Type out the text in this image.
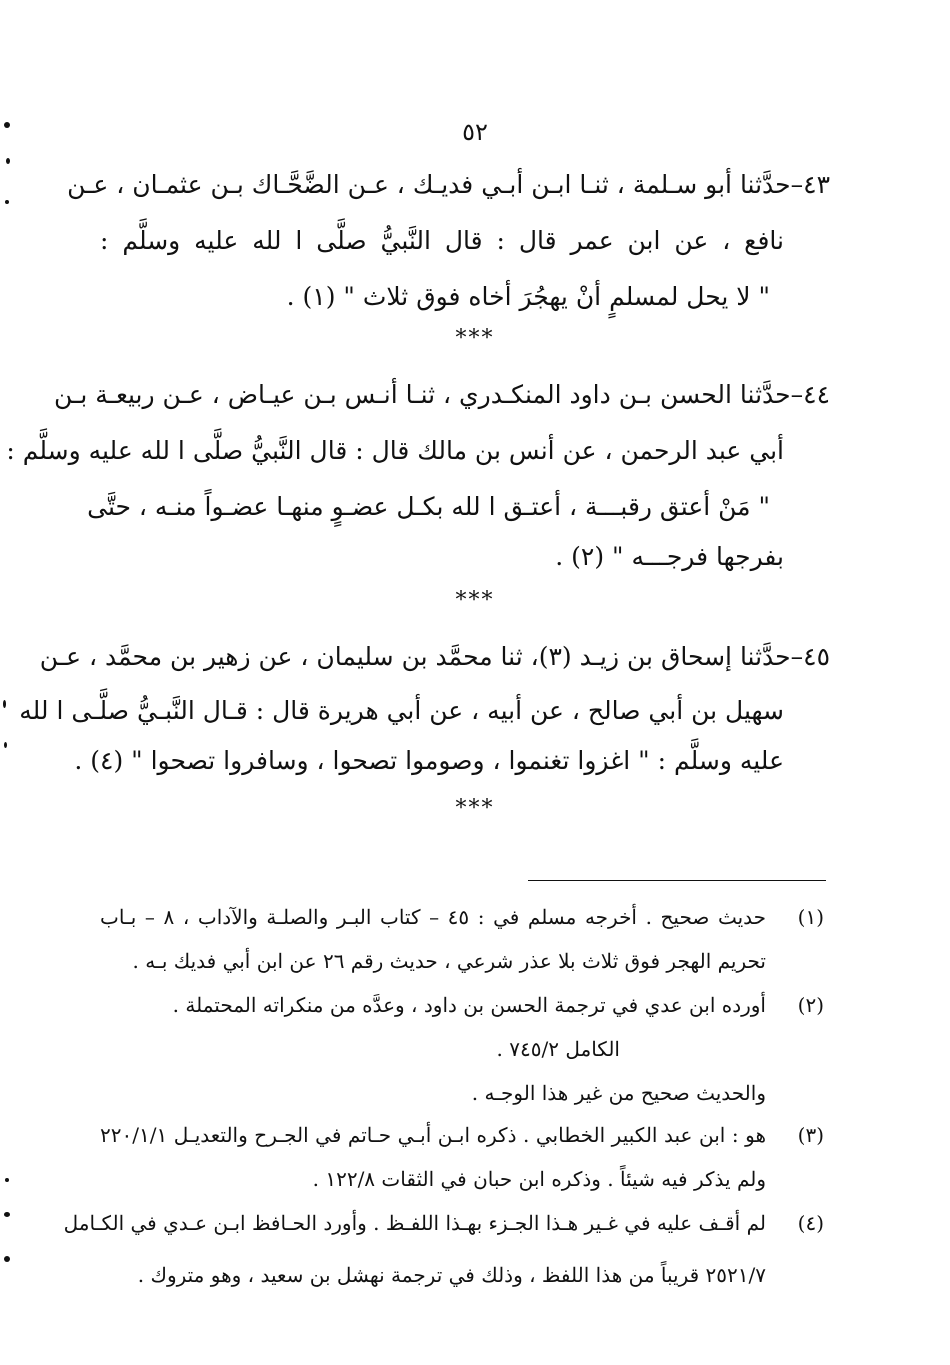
٥٢
٤٣–حدَّثنا أبو سـلمة ، ثنـا ابـن أبـي فديـك ، عـن الضَّحَّـاك بـن عثمـان ، عـن
نافع ، عن ابن عمر قال : قال النَّبيُّ صلَّى ا لله عليه وسلَّم :
" لا يحل لمسلمٍ أنْ يهجُرَ أخاه فوق ثلاث " (١) .
***
٤٤–حدَّثنا الحسن بـن داود المنكـدري ، ثنـا أنـس بـن عيـاض ، عـن ربيعـة بـن
أبي عبد الرحمن ، عن أنس بن مالك قال : قال النَّبيُّ صلَّى ا لله عليه وسلَّم :
" مَنْ أعتق رقبـــة ، أعتـق ا لله بكـل عضـوٍ منهـا عضـواً منـه ، حتَّى
بفرجها فرجـــه " (٢) .
***
٤٥–حدَّثنا إسحاق بن زيـد (٣)، ثنا محمَّد بن سليمان ، عن زهير بن محمَّد ، عـن
سهيل بن أبي صالح ، عن أبيه ، عن أبي هريرة قال : قـال النَّبـيُّ صلَّـى ا لله
عليه وسلَّم : " اغزوا تغنموا ، وصوموا تصحوا ، وسافروا تصحوا " (٤) .
***
(١)
حديث صحيح . أخرجه مسلم في : ٤٥ – كتاب البـر والصلـة والآداب ، ٨ – بـاب
تحريم الهجر فوق ثلاث بلا عذر شرعي ، حديث رقم ٢٦ عن ابن أبي فديك بـه .
(٢)
أورده ابن عدي في ترجمة الحسن بن داود ، وعدَّه من منكراته المحتملة .
الكامل ٧٤٥/٢ .
والحديث صحيح من غير هذا الوجـه .
(٣)
هو : ابن عبد الكبير الخطابي . ذكره ابـن أبـي حـاتم في الجـرح والتعديـل ٢٢٠/١/١
ولم يذكر فيه شيئاً . وذكره ابن حبان في الثقات ١٢٢/٨ .
(٤)
لم أقـف عليه في غـير هـذا الجـزء بهـذا اللفـظ . وأورد الحـافظ ابـن عـدي في الكـامل
٢٥٢١/٧ قريباً من هذا اللفظ ، وذلك في ترجمة نهشل بن سعيد ، وهو متروك .
